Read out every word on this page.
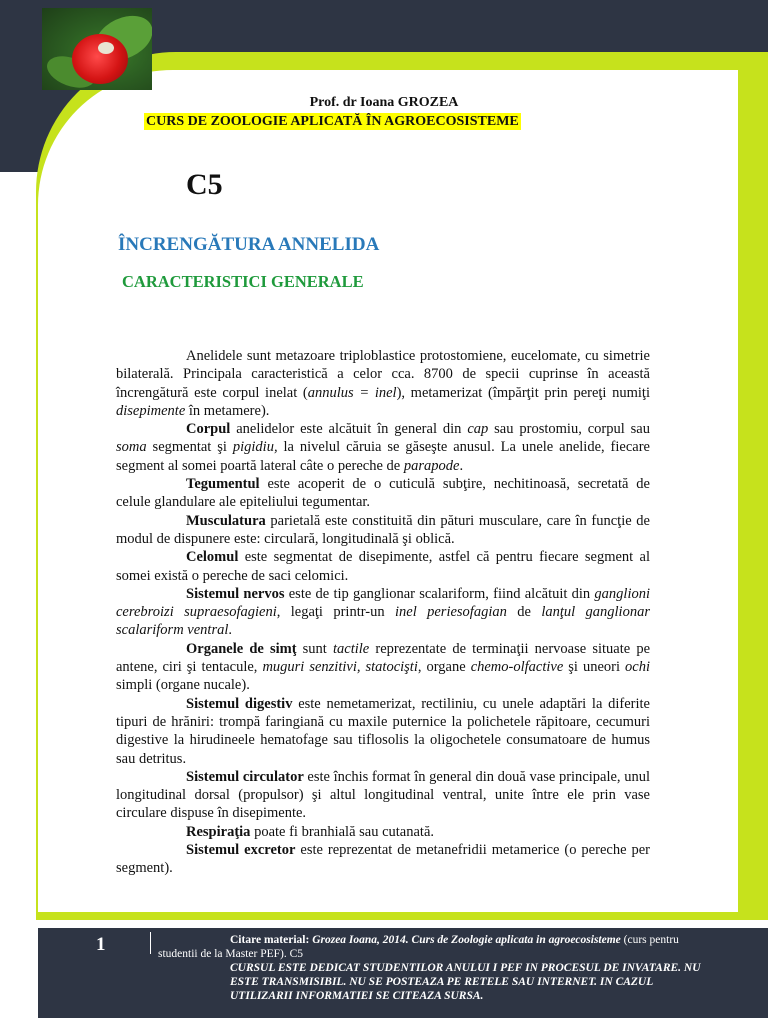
Prof. dr Ioana GROZEA
CURS DE ZOOLOGIE APLICATĂ ÎN AGROECOSISTEME
C5
ÎNCRENGĂTURA ANNELIDA
CARACTERISTICI GENERALE

Anelidele sunt metazoare triploblastice protostomiene, eucelomate, cu simetrie bilaterală. Principala caracteristică a celor cca. 8700 de specii cuprinse în această încrengătură este corpul inelat (annulus = inel), metamerizat (împărţit prin pereţi numiţi disepimente în metamere).

Corpul anelidelor este alcătuit în general din cap sau prostomiu, corpul sau soma segmentat şi pigidiu, la nivelul căruia se găseşte anusul. La unele anelide, fiecare segment al somei poartă lateral câte o pereche de parapode.

Tegumentul este acoperit de o cuticulă subţire, nechitinoasă, secretată de celule glandulare ale epiteliului tegumentar.

Musculatura parietală este constituită din pături musculare, care în funcţie de modul de dispunere este: circulară, longitudinală şi oblică.

Celomul este segmentat de disepimente, astfel că pentru fiecare segment al somei există o pereche de saci celomici.

Sistemul nervos este de tip ganglionar scalariform, fiind alcătuit din ganglioni cerebroizi supraesofagieni, legaţi printr-un inel periesofagian de lanţul ganglionar scalariform ventral.

Organele de simţ sunt tactile reprezentate de terminaţii nervoase situate pe antene, ciri şi tentacule, muguri senzitivi, statocişti, organe chemo-olfactive şi uneori ochi simpli (organe nucale).

Sistemul digestiv este nemetamerizat, rectiliniu, cu unele adaptări la diferite tipuri de hrăniri: trompă faringiană cu maxile puternice la polichetele răpitoare, cecumuri digestive la hirudineele hematofage sau tiflosolis la oligochetele consumatoare de humus sau detritus.

Sistemul circulator este închis format în general din două vase principale, unul longitudinal dorsal (propulsor) şi altul longitudinal ventral, unite între ele prin vase circulare dispuse în disepimente.

Respiraţia poate fi branhială sau cutanată.

Sistemul excretor este reprezentat de metanefridii metamerice (o pereche per segment).

1	Citare material: Grozea Ioana, 2014. Curs de Zoologie aplicata in agroecosisteme (curs pentru studentii de la Master PEF). C5
CURSUL ESTE DEDICAT STUDENTILOR ANULUI I PEF IN PROCESUL DE INVATARE. NU ESTE TRANSMISIBIL. NU SE POSTEAZA PE RETELE SAU INTERNET. IN CAZUL UTILIZARII INFORMATIEI SE CITEAZA SURSA.
